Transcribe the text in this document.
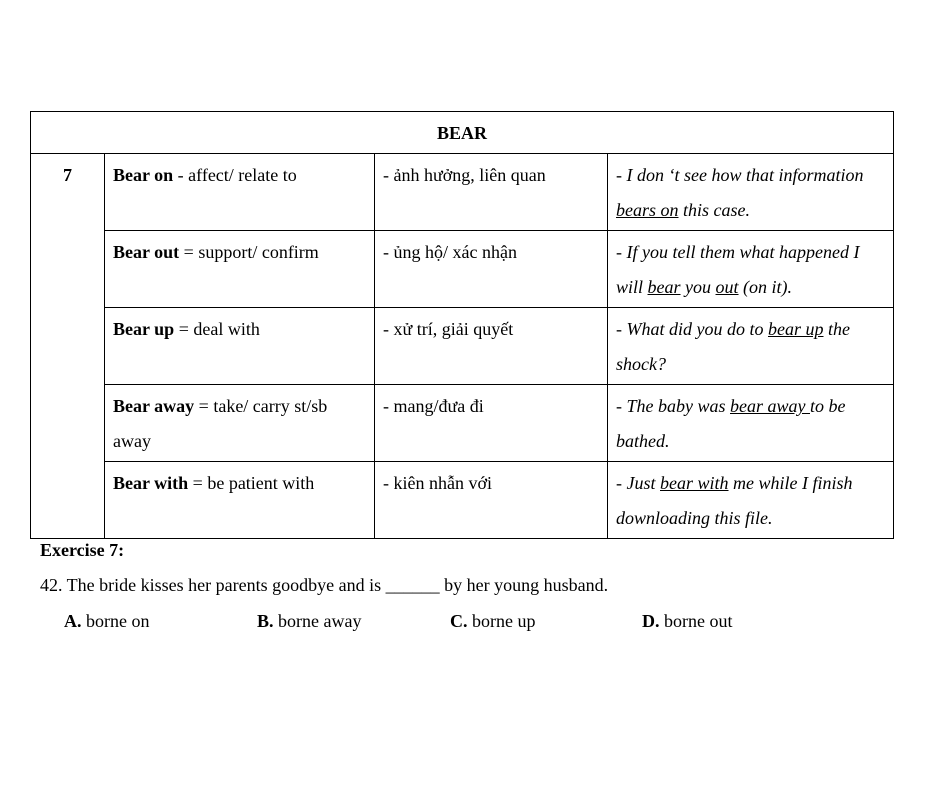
BEAR			
7	Bear on - affect/ relate to	- ảnh hưởng, liên quan	- I don ‘t see how that information bears on this case.
	Bear out = support/ confirm	- ủng hộ/ xác nhận	- If you tell them what happened I will bear you out (on it).
	Bear up = deal with	- xử trí, giải quyết	- What did you do to bear up the shock?
	Bear away = take/ carry st/sb away	- mang/đưa đi	- The baby was bear away to be bathed.
	Bear with = be patient with	- kiên nhẫn với	- Just bear with me while I finish downloading this file.
Exercise 7:
42. The bride kisses her parents goodbye and is ______ by her young husband.
A. borne on	B. borne away	C. borne up	D. borne out
